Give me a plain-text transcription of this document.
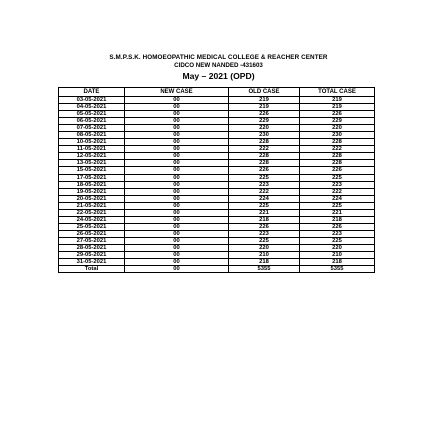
S.M.P.S.K. HOMOEOPATHIC MEDICAL COLLEGE & REACHER CENTER
CIDCO NEW NANDED -431603
May – 2021 (OPD)
DATE	NEW CASE	OLD CASE	TOTAL CASE
03-05-2021	00	219	219
04-05-2021	00	219	219
05-05-2021	00	226	226
06-05-2021	00	229	229
07-05-2021	00	220	220
08-05-2021	00	230	230
10-05-2021	00	228	228
11-05-2021	00	222	222
12-05-2021	00	228	228
13-05-2021	00	228	228
15-05-2021	00	226	226
17-05-2021	00	225	225
18-05-2021	00	223	223
19-05-2021	00	222	222
20-05-2021	00	224	224
21-05-2021	00	225	225
22-05-2021	00	221	221
24-05-2021	00	218	218
25-05-2021	00	226	226
26-05-2021	00	223	223
27-05-2021	00	225	225
28-05-2021	00	220	220
29-05-2021	00	210	210
31-05-2021	00	218	218
Total	00	5355	5355
